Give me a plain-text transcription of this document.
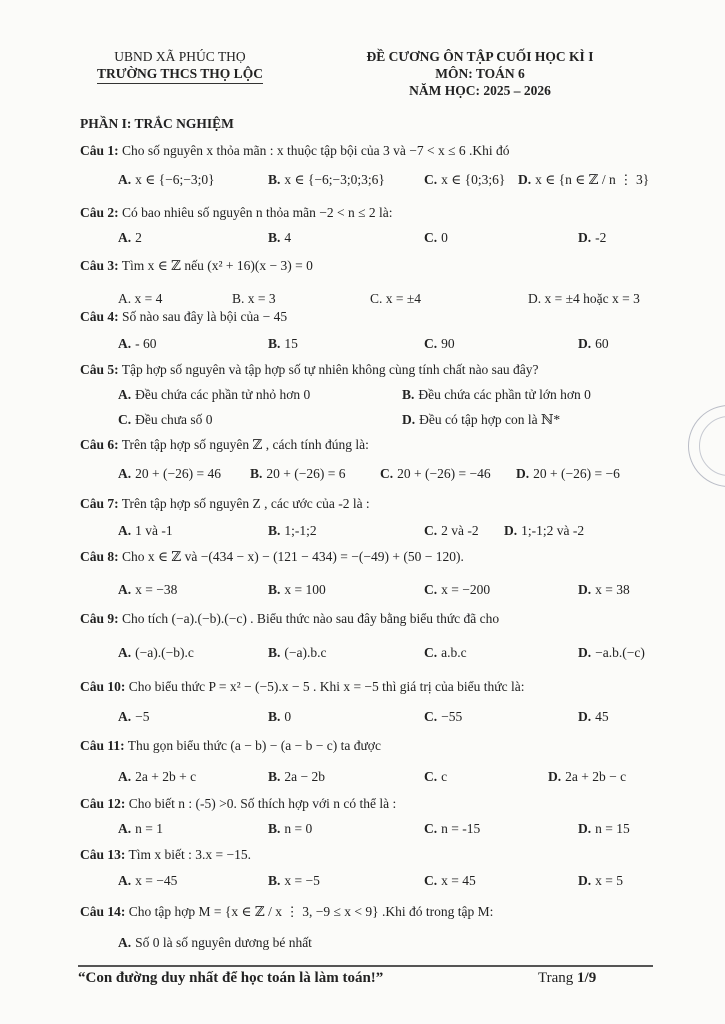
UBND XÃ PHÚC THỌ
TRƯỜNG THCS THỌ LỘC
ĐỀ CƯƠNG ÔN TẬP CUỐI HỌC KÌ I
MÔN: TOÁN 6
NĂM HỌC: 2025 – 2026
PHẦN I: TRẮC NGHIỆM
Câu 1: Cho số nguyên x thỏa mãn : x thuộc tập bội của 3 và −7 < x ≤ 6 .Khi đó
A. x ∈ {−6;−3;0}	B. x ∈ {−6;−3;0;3;6}	C. x ∈ {0;3;6} D. x ∈ {n ∈ ℤ / n ⋮ 3}
Câu 2: Có bao nhiêu số nguyên n thỏa mãn −2 < n ≤ 2 là:
A. 2	B. 4	C. 0	D. -2
Câu 3: Tìm x ∈ ℤ nếu (x² + 16)(x − 3) = 0
A. x = 4	B. x = 3	C. x = ±4	D. x = ±4 hoặc x = 3
Câu 4: Số nào sau đây là bội của − 45
A. - 60	B. 15	C. 90	D. 60
Câu 5: Tập hợp số nguyên và tập hợp số tự nhiên không cùng tính chất nào sau đây?
A. Đều chứa các phần tử nhỏ hơn 0	B. Đều chứa các phần tử lớn hơn 0
C. Đều chưa số 0	D. Đều có tập hợp con là ℕ*
Câu 6: Trên tập hợp số nguyên ℤ , cách tính đúng là:
A. 20 + (−26) = 46 B. 20 + (−26) = 6	C. 20 + (−26) = −46 D. 20 + (−26) = −6
Câu 7: Trên tập hợp số nguyên Z , các ước của -2 là :
A. 1 và -1	B. 1;-1;2	C. 2 và -2 D. 1;-1;2 và -2
Câu 8: Cho x ∈ ℤ và −(434 − x) − (121 − 434) = −(−49) + (50 − 120).
A. x = −38	B. x = 100	C. x = −200	D. x = 38
Câu 9: Cho tích (−a).(−b).(−c) . Biểu thức nào sau đây bằng biểu thức đã cho
A. (−a).(−b).c	B. (−a).b.c	C. a.b.c	D. −a.b.(−c)
Câu 10: Cho biểu thức P = x² − (−5).x − 5 . Khi x = −5 thì giá trị của biểu thức là:
A. −5	B. 0	C. −55	D. 45
Câu 11: Thu gọn biểu thức (a − b) − (a − b − c) ta được
A. 2a + 2b + c	B. 2a − 2b	C. c	D. 2a + 2b − c
Câu 12: Cho biết n : (-5) >0. Số thích hợp với n có thể là :
A. n = 1	B. n = 0	C. n = -15	D. n = 15
Câu 13: Tìm x biết : 3.x = −15.
A. x = −45	B. x = −5	C. x = 45	D. x = 5
Câu 14: Cho tập hợp M = {x ∈ ℤ / x ⋮ 3, −9 ≤ x < 9} .Khi đó trong tập M:
A. Số 0 là số nguyên dương bé nhất
“Con đường duy nhất để học toán là làm toán!”	Trang 1/9
